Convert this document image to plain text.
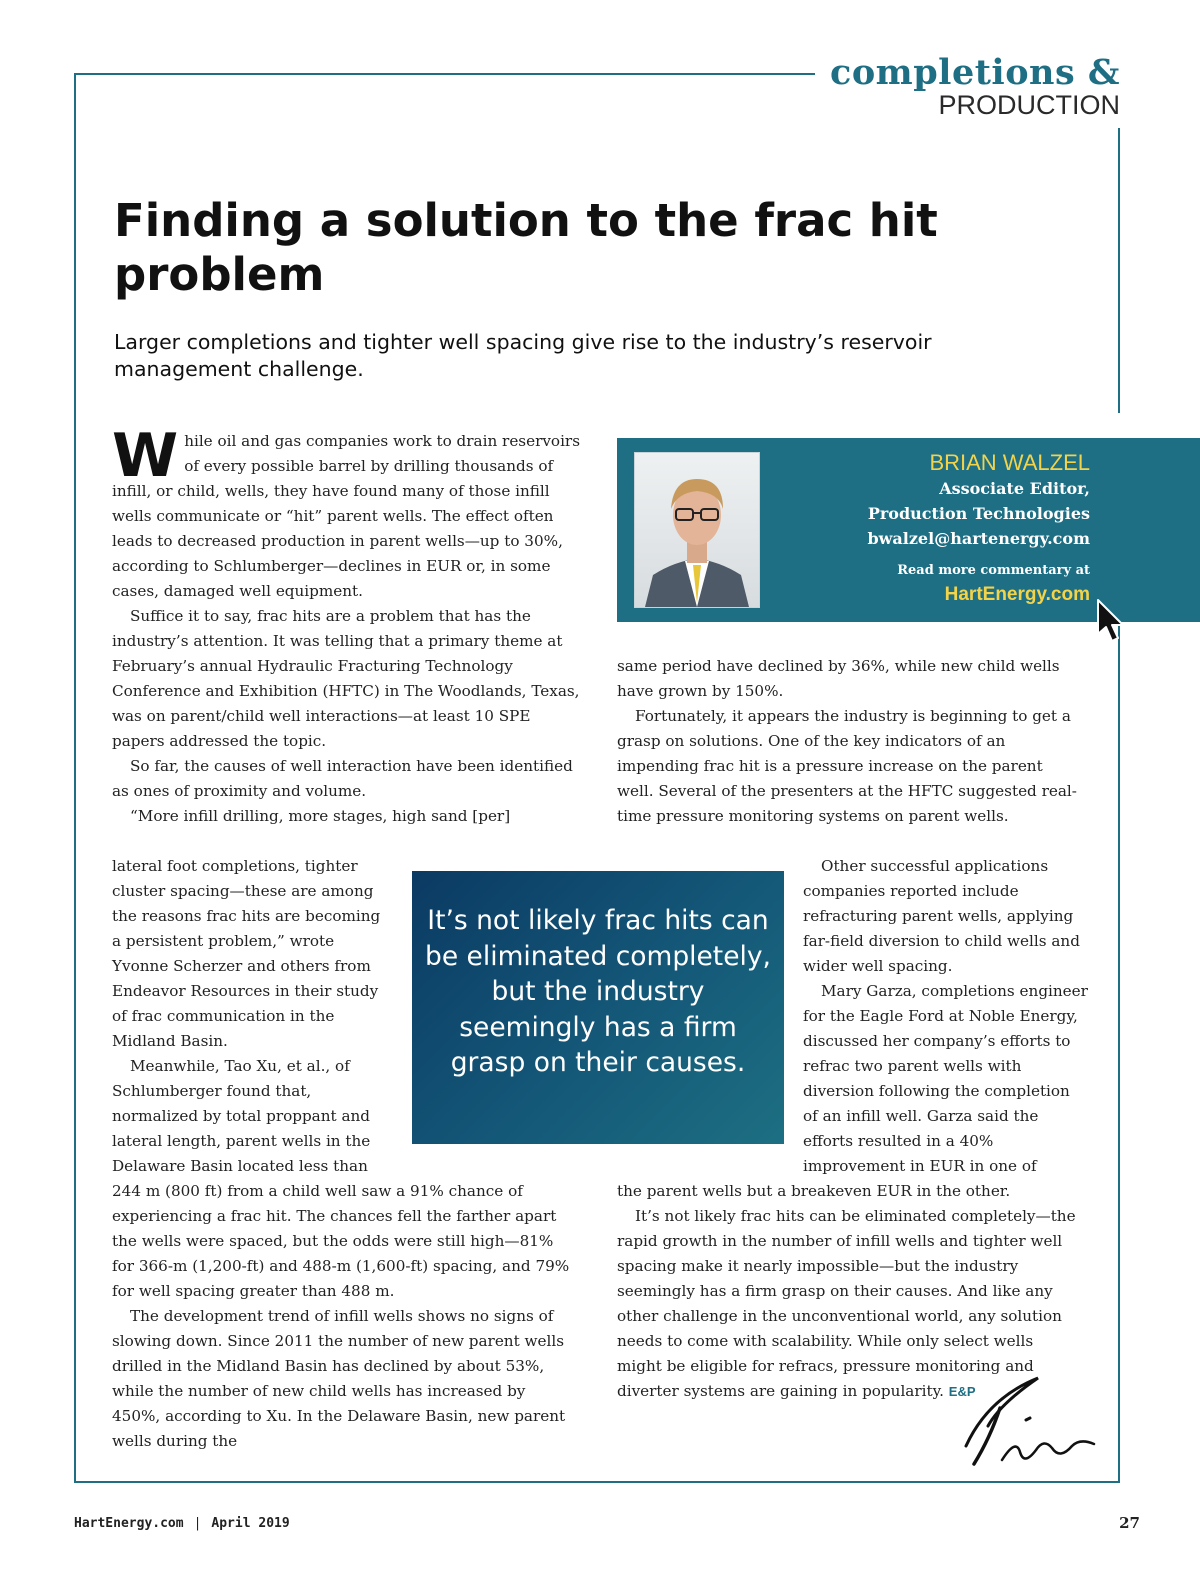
completions &
PRODUCTION
Finding a solution to the frac hit problem

Larger completions and tighter well spacing give rise to the industry’s reservoir management challenge.

While oil and gas companies work to drain reservoirs of every possible barrel by drilling thousands of infill, or child, wells, they have found many of those infill wells communicate or “hit” parent wells. The effect often leads to decreased production in parent wells—up to 30%, according to Schlumberger—declines in EUR or, in some cases, damaged well equipment.

Suffice it to say, frac hits are a problem that has the industry’s attention. It was telling that a primary theme at February’s annual Hydraulic Fracturing Technology Conference and Exhibition (HFTC) in The Woodlands, Texas, was on parent/child well interactions—at least 10 SPE papers addressed the topic.

So far, the causes of well interaction have been identified as ones of proximity and volume.

“More infill drilling, more stages, high sand [per]

lateral foot completions, tighter cluster spacing—these are among the reasons frac hits are becoming a persistent problem,” wrote Yvonne Scherzer and others from Endeavor Resources in their study of frac communication in the Midland Basin.

Meanwhile, Tao Xu, et al., of Schlumberger found that, normalized by total proppant and lateral length, parent wells in the Delaware Basin located less than

244 m (800 ft) from a child well saw a 91% chance of experiencing a frac hit. The chances fell the farther apart the wells were spaced, but the odds were still high—81% for 366-m (1,200-ft) and 488-m (1,600-ft) spacing, and 79% for well spacing greater than 488 m.

The development trend of infill wells shows no signs of slowing down. Since 2011 the number of new parent wells drilled in the Midland Basin has declined by about 53%, while the number of new child wells has increased by 450%, according to Xu. In the Delaware Basin, new parent wells during the

BRIAN WALZEL
Associate Editor,
Production Technologies
bwalzel@hartenergy.com
Read more commentary at
HartEnergy.com

same period have declined by 36%, while new child wells have grown by 150%.

Fortunately, it appears the industry is beginning to get a grasp on solutions. One of the key indicators of an impending frac hit is a pressure increase on the parent well. Several of the presenters at the HFTC suggested real-time pressure monitoring systems on parent wells.

Other successful applications companies reported include refracturing parent wells, applying far-field diversion to child wells and wider well spacing.

Mary Garza, completions engineer for the Eagle Ford at Noble Energy, discussed her company’s efforts to refrac two parent wells with diversion following the completion of an infill well. Garza said the efforts resulted in a 40% improvement in EUR in one of

the parent wells but a breakeven EUR in the other.

It’s not likely frac hits can be eliminated completely—the rapid growth in the number of infill wells and tighter well spacing make it nearly impossible—but the industry seemingly has a firm grasp on their causes. And like any other challenge in the unconventional world, any solution needs to come with scalability. While only select wells might be eligible for refracs, pressure monitoring and diverter systems are gaining in popularity. E&P

It’s not likely frac hits can be eliminated completely, but the industry seemingly has a firm grasp on their causes.

HartEnergy.com | April 2019	27
